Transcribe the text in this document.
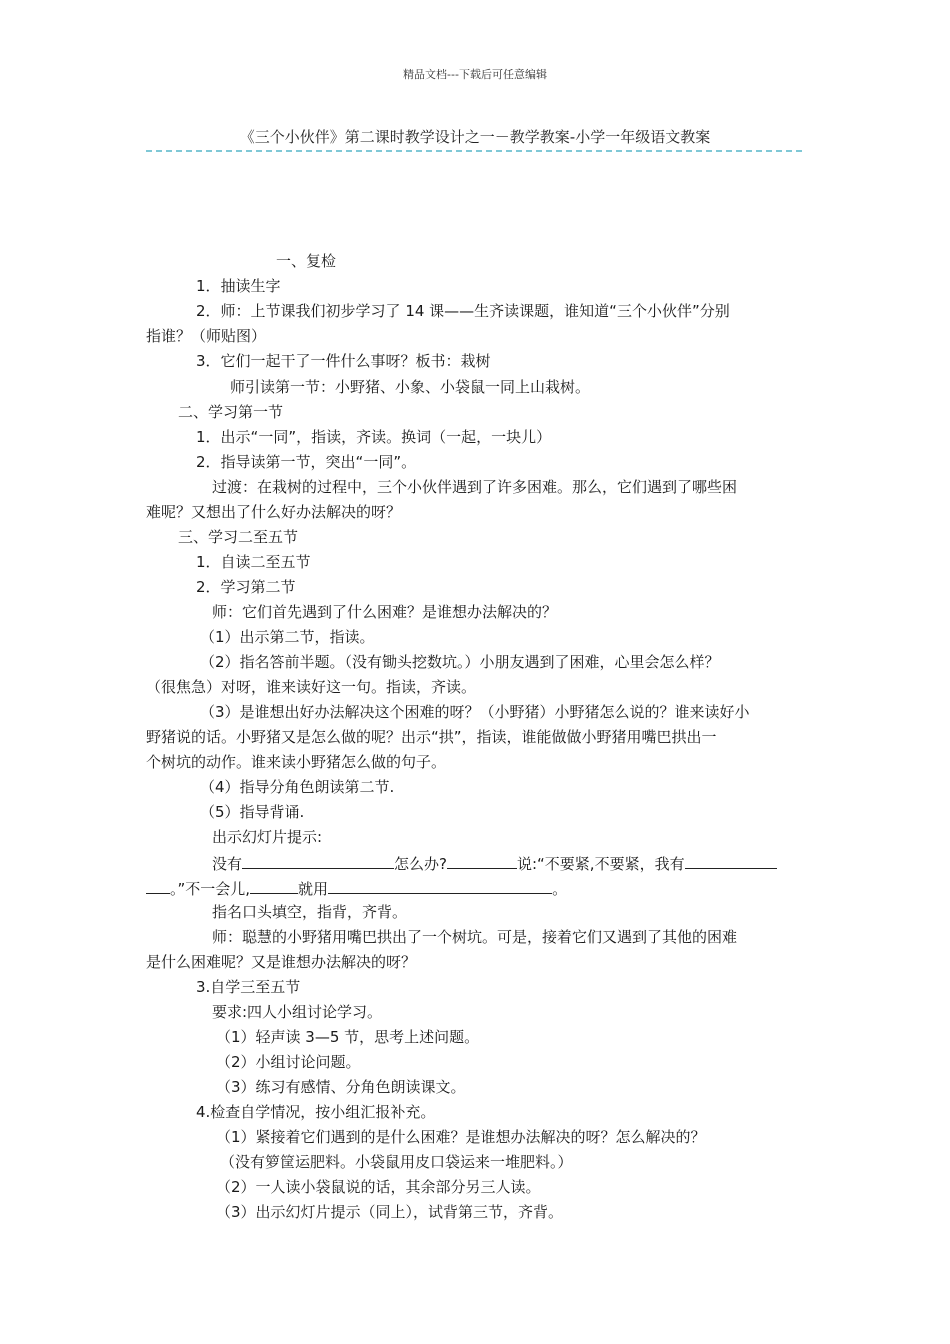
精品文档---下载后可任意编辑
《三个小伙伴》第二课时教学设计之一－教学教案-小学一年级语文教案
一、复检
1．抽读生字
2．师：上节课我们初步学习了 14 课——生齐读课题，谁知道“三个小伙伴”分别
指谁？（师贴图）
3．它们一起干了一件什么事呀？板书：栽树
师引读第一节：小野猪、小象、小袋鼠一同上山栽树。
二、学习第一节
1．出示“一同”，指读，齐读。换词（一起，一块儿）
2．指导读第一节，突出“一同”。
过渡：在栽树的过程中，三个小伙伴遇到了许多困难。那么，它们遇到了哪些困
难呢？又想出了什么好办法解决的呀？
三、学习二至五节
1．自读二至五节
2．学习第二节
师：它们首先遇到了什么困难？是谁想办法解决的？
（1）出示第二节，指读。
（2）指名答前半题。（没有锄头挖数坑。）小朋友遇到了困难，心里会怎么样？
（很焦急）对呀，谁来读好这一句。指读，齐读。
（3）是谁想出好办法解决这个困难的呀？（小野猪）小野猪怎么说的？谁来读好小
野猪说的话。小野猪又是怎么做的呢？出示“拱”，指读，谁能做做小野猪用嘴巴拱出一
个树坑的动作。谁来读小野猪怎么做的句子。
（4）指导分角色朗读第二节.
（5）指导背诵.
出示幻灯片提示:
没有	怎么办?	说:“不要紧,不要紧，我有
。”不一会儿,	就用	。
指名口头填空，指背，齐背。
师：聪慧的小野猪用嘴巴拱出了一个树坑。可是，接着它们又遇到了其他的困难
是什么困难呢？又是谁想办法解决的呀？
3.自学三至五节
要求:四人小组讨论学习。
（1）轻声读 3—5 节，思考上述问题。
（2）小组讨论问题。
（3）练习有感情、分角色朗读课文。
4.检查自学情况，按小组汇报补充。
（1）紧接着它们遇到的是什么困难？是谁想办法解决的呀？怎么解决的？
（没有箩筐运肥料。小袋鼠用皮口袋运来一堆肥料。）
（2）一人读小袋鼠说的话，其余部分另三人读。
（3）出示幻灯片提示（同上），试背第三节，齐背。
